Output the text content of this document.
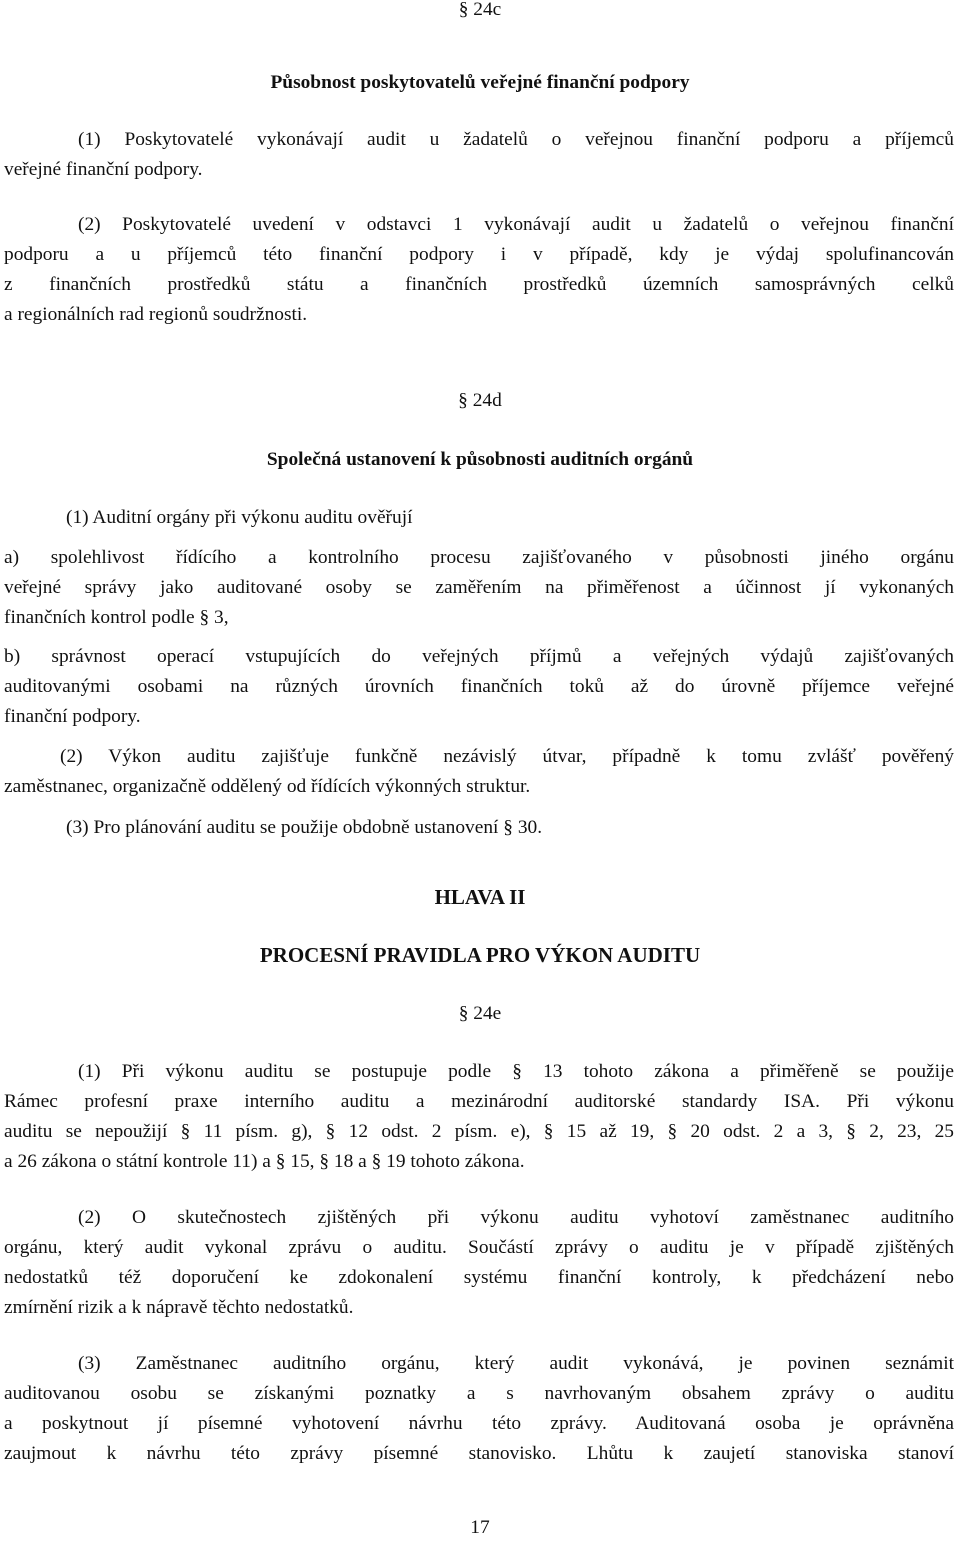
§ 24c

Působnost poskytovatelů veřejné finanční podpory

(1) Poskytovatelé vykonávají audit u žadatelů o veřejnou finanční podporu a příjemců

veřejné finanční podpory.

(2) Poskytovatelé uvedení v odstavci 1 vykonávají audit u žadatelů o veřejnou finanční

podporu a u příjemců této finanční podpory i v případě, kdy je výdaj spolufinancován

z finančních prostředků státu a finančních prostředků územních samosprávných celků

a regionálních rad regionů soudržnosti.

§ 24d

Společná ustanovení k působnosti auditních orgánů

(1) Auditní orgány při výkonu auditu ověřují

a) spolehlivost řídícího a kontrolního procesu zajišťovaného v působnosti jiného orgánu

veřejné správy jako auditované osoby se zaměřením na přiměřenost a účinnost jí vykonaných

finančních kontrol podle § 3,

b) správnost operací vstupujících do veřejných příjmů a veřejných výdajů zajišťovaných

auditovanými osobami na různých úrovních finančních toků až do úrovně příjemce veřejné

finanční podpory.

(2) Výkon auditu zajišťuje funkčně nezávislý útvar, případně k tomu zvlášť pověřený

zaměstnanec, organizačně oddělený od řídících výkonných struktur.

(3) Pro plánování auditu se použije obdobně ustanovení § 30.

HLAVA II

PROCESNÍ PRAVIDLA PRO VÝKON AUDITU

§ 24e

(1) Při výkonu auditu se postupuje podle § 13 tohoto zákona a přiměřeně se použije

Rámec profesní praxe interního auditu a mezinárodní auditorské standardy ISA. Při výkonu

auditu se nepoužijí § 11 písm. g), § 12 odst. 2 písm. e), § 15 až 19, § 20 odst. 2 a 3, § 2, 23, 25

a 26 zákona o státní kontrole 11) a § 15, § 18 a § 19 tohoto zákona.

(2) O skutečnostech zjištěných při výkonu auditu vyhotoví zaměstnanec auditního

orgánu, který audit vykonal zprávu o auditu. Součástí zprávy o auditu je v případě zjištěných

nedostatků též doporučení ke zdokonalení systému finanční kontroly, k předcházení nebo

zmírnění rizik a k nápravě těchto nedostatků.

(3) Zaměstnanec auditního orgánu, který audit vykonává, je povinen seznámit

auditovanou osobu se získanými poznatky a s navrhovaným obsahem zprávy o auditu

a poskytnout jí písemné vyhotovení návrhu této zprávy. Auditovaná osoba je oprávněna

zaujmout k návrhu této zprávy písemné stanovisko. Lhůtu k zaujetí stanoviska stanoví

17
